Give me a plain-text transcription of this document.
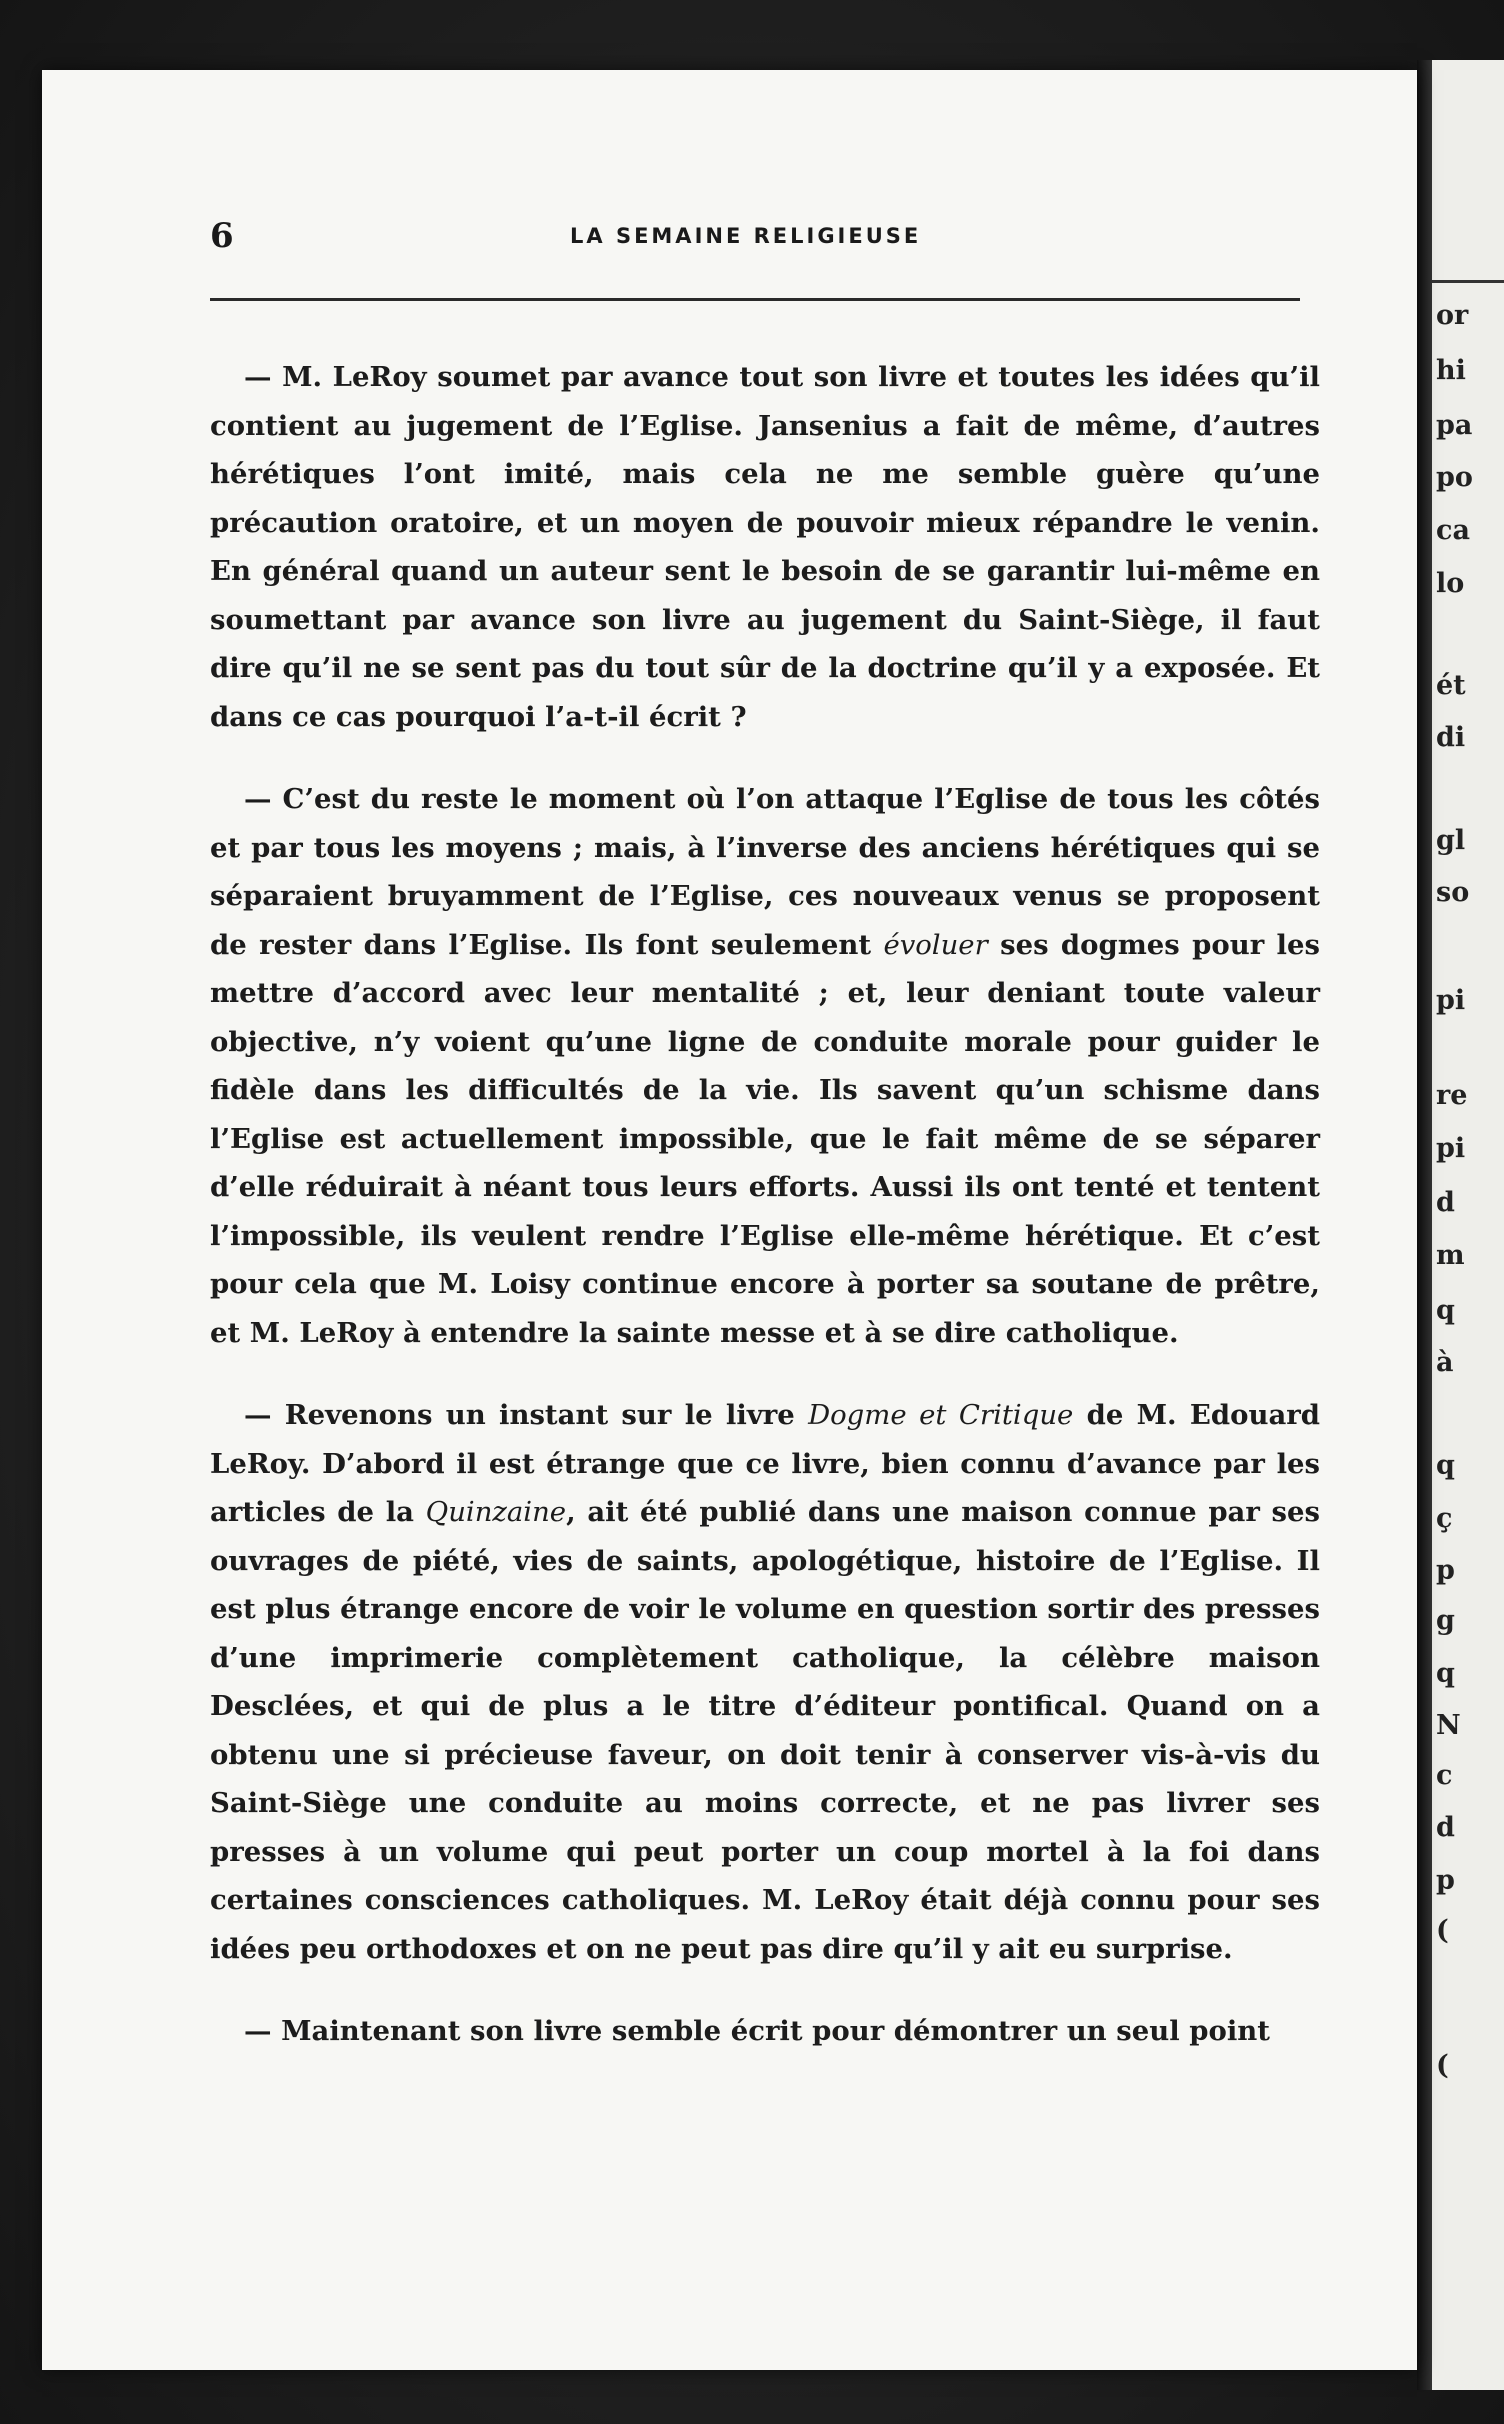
or
hi
pa
po
ca
lo
ét
di
gl
so
pi
re
pi
d
m
q
à
q
ç
p
g
q
N
c
d
p
(
(
6	LA SEMAINE RELIGIEUSE

— M. LeRoy soumet par avance tout son livre et toutes les idées qu’il contient au jugement de l’Eglise. Jansenius a fait de même, d’autres hérétiques l’ont imité, mais cela ne me semble guère qu’une précaution oratoire, et un moyen de pouvoir mieux répandre le venin. En général quand un auteur sent le besoin de se garantir lui-même en soumettant par avance son livre au jugement du Saint-Siège, il faut dire qu’il ne se sent pas du tout sûr de la doctrine qu’il y a exposée. Et dans ce cas pourquoi l’a-t-il écrit ?

— C’est du reste le moment où l’on attaque l’Eglise de tous les côtés et par tous les moyens ; mais, à l’inverse des anciens hérétiques qui se séparaient bruyamment de l’Eglise, ces nouveaux venus se proposent de rester dans l’Eglise. Ils font seulement évoluer ses dogmes pour les mettre d’accord avec leur mentalité ; et, leur deniant toute valeur objective, n’y voient qu’une ligne de conduite morale pour guider le fidèle dans les difficultés de la vie. Ils savent qu’un schisme dans l’Eglise est actuellement impossible, que le fait même de se séparer d’elle réduirait à néant tous leurs efforts. Aussi ils ont tenté et tentent l’impossible, ils veulent rendre l’Eglise elle-même hérétique. Et c’est pour cela que M. Loisy continue encore à porter sa soutane de prêtre, et M. LeRoy à entendre la sainte messe et à se dire catholique.

— Revenons un instant sur le livre Dogme et Critique de M. Edouard LeRoy. D’abord il est étrange que ce livre, bien connu d’avance par les articles de la Quinzaine, ait été publié dans une maison connue par ses ouvrages de piété, vies de saints, apologétique, histoire de l’Eglise. Il est plus étrange encore de voir le volume en question sortir des presses d’une imprimerie complètement catholique, la célèbre maison Desclées, et qui de plus a le titre d’éditeur pontifical. Quand on a obtenu une si précieuse faveur, on doit tenir à conserver vis-à-vis du Saint-Siège une conduite au moins correcte, et ne pas livrer ses presses à un volume qui peut porter un coup mortel à la foi dans certaines consciences catholiques. M. LeRoy était déjà connu pour ses idées peu orthodoxes et on ne peut pas dire qu’il y ait eu surprise.

— Maintenant son livre semble écrit pour démontrer un seul point
